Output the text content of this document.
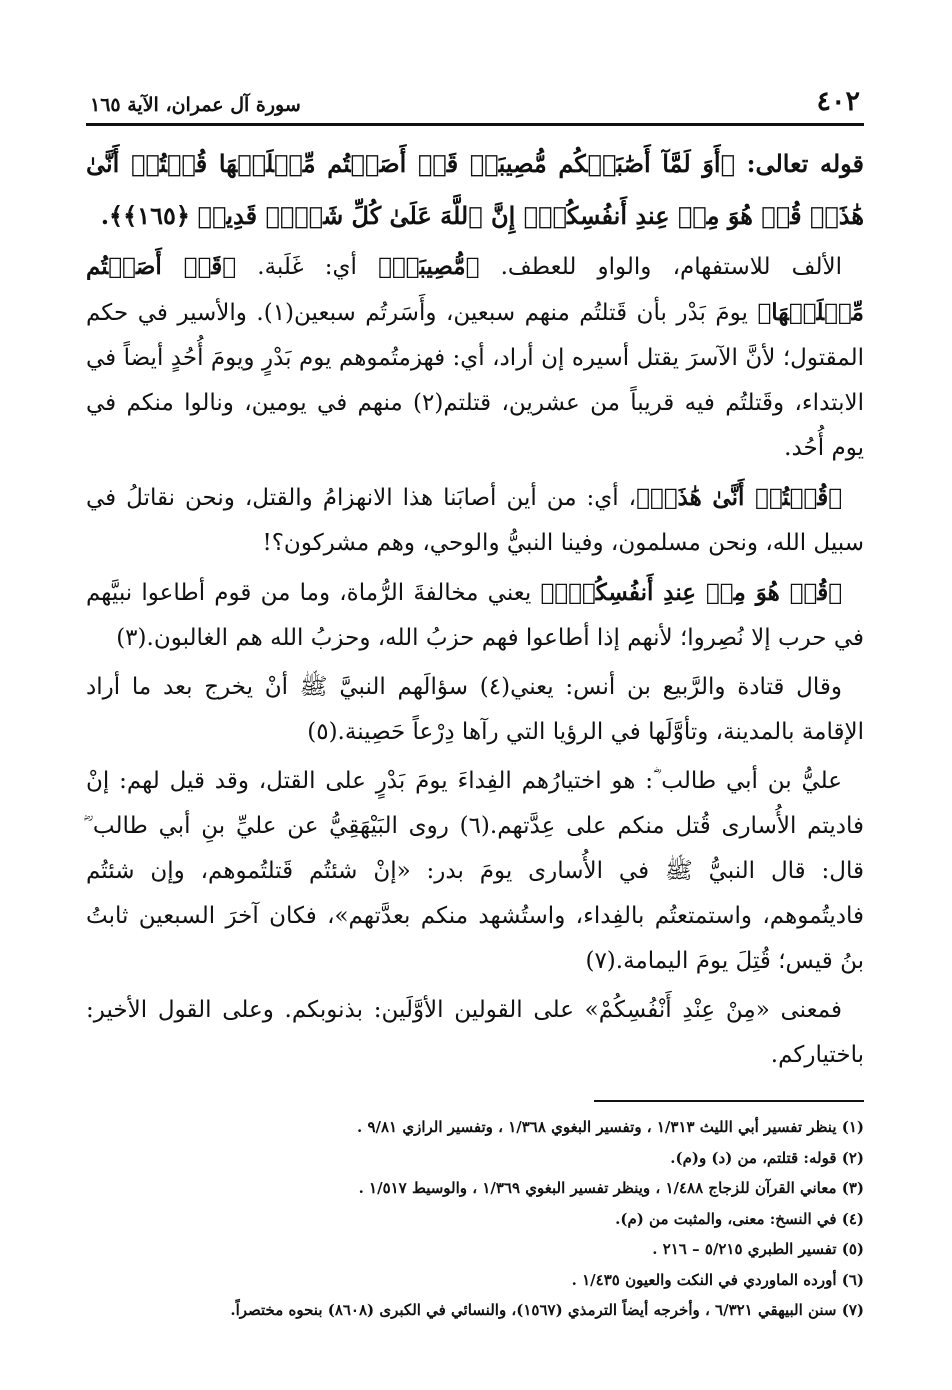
٤٠٢
سورة آل عمران، الآية ١٦٥

قوله تعالى: ﴿أَوَ لَمَّآ أَصَٰبَتۡكُم مُّصِيبَةٞ قَدۡ أَصَبۡتُم مِّثۡلَيۡهَا قُلۡتُمۡ أَنَّىٰ هَٰذَاۖ قُلۡ هُوَ مِنۡ عِندِ أَنفُسِكُمۡۗ إِنَّ ٱللَّهَ عَلَىٰ كُلِّ شَيۡءٖ قَدِيرٞ ﴿١٦٥﴾﴾.

الألف للاستفهام، والواو للعطف. ﴿مُّصِيبَةٞ﴾ أي: غَلَبة. ﴿قَدۡ أَصَبۡتُم مِّثۡلَيۡهَا﴾ يومَ بَدْر بأن قَتلتُم منهم سبعين، وأَسَرتُم سبعين(١). والأسير في حكم المقتول؛ لأنَّ الآسرَ يقتل أسيره إن أراد، أي: فهزمتُموهم يوم بَدْرٍ ويومَ أُحُدٍ أيضاً في الابتداء، وقَتلتُم فيه قريباً من عشرين، قتلتم(٢) منهم في يومين، ونالوا منكم في يوم أُحُد.

﴿قُلۡتُمۡ أَنَّىٰ هَٰذَاۖ﴾، أي: من أين أصابَنا هذا الانهزامُ والقتل، ونحن نقاتلُ في سبيل الله، ونحن مسلمون، وفينا النبيُّ والوحي، وهم مشركون؟!

﴿قُلۡ هُوَ مِنۡ عِندِ أَنفُسِكُمۡۗ﴾ يعني مخالفةَ الرُّماة، وما من قوم أطاعوا نبيَّهم في حرب إلا نُصِروا؛ لأنهم إذا أطاعوا فهم حزبُ الله، وحزبُ الله هم الغالبون.(٣)

وقال قتادة والرَّبيع بن أنس: يعني(٤) سؤالَهم النبيَّ ﷺ أنْ يخرج بعد ما أراد الإقامة بالمدينة، وتأوَّلَها في الرؤيا التي رآها دِرْعاً حَصِينة.(٥)

عليُّ بن أبي طالب ؓ: هو اختيارُهم الفِداءَ يومَ بَدْرٍ على القتل، وقد قيل لهم: إنْ فاديتم الأُسارى قُتل منكم على عِدَّتهم.(٦) روى البَيْهَقِيُّ عن عليِّ بنِ أبي طالب ؓ قال: قال النبيُّ ﷺ في الأُسارى يومَ بدر: «إنْ شئتُم قَتلتُموهم، وإن شئتُم فاديتُموهم، واستمتعتُم بالفِداء، واستُشهد منكم بعدَّتهم»، فكان آخرَ السبعين ثابتُ بنُ قيس؛ قُتِلَ يومَ اليمامة.(٧)

فمعنى «مِنْ عِنْدِ أَنْفُسِكُمْ» على القولين الأوَّلَين: بذنوبكم. وعلى القول الأخير: باختياركم.

(١) ينظر تفسير أبي الليث ١/٣١٣ ، وتفسير البغوي ١/٣٦٨ ، وتفسير الرازي ٩/٨١ .
(٢) قوله: قتلتم، من (د) و(م).
(٣) معاني القرآن للزجاج ١/٤٨٨ ، وينظر تفسير البغوي ١/٣٦٩ ، والوسيط ١/٥١٧ .
(٤) في النسخ: معنى، والمثبت من (م).
(٥) تفسير الطبري ٥/٢١٥ – ٢١٦ .
(٦) أورده الماوردي في النكت والعيون ١/٤٣٥ .
(٧) سنن البيهقي ٦/٣٢١ ، وأخرجه أيضاً الترمذي (١٥٦٧)، والنسائي في الكبرى (٨٦٠٨) بنحوه مختصراً.
